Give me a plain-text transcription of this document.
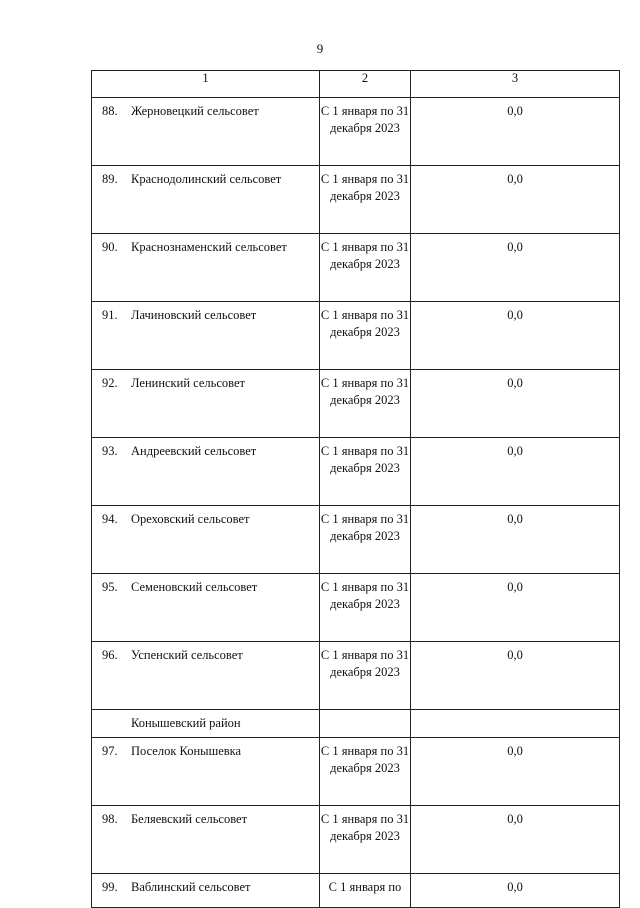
9
1	2	3

88. Жерновецкий сельсовет	С 1 января по 31 декабря 2023	0,0

89. Краснодолинский сельсовет	С 1 января по 31 декабря 2023	0,0

90. Краснознаменский сельсовет	С 1 января по 31 декабря 2023	0,0

91. Лачиновский сельсовет	С 1 января по 31 декабря 2023	0,0

92. Ленинский сельсовет	С 1 января по 31 декабря 2023	0,0

93. Андреевский сельсовет	С 1 января по 31 декабря 2023	0,0

94. Ореховский сельсовет	С 1 января по 31 декабря 2023	0,0

95. Семеновский сельсовет	С 1 января по 31 декабря 2023	0,0

96. Успенский сельсовет	С 1 января по 31 декабря 2023	0,0

Конышевский район		

97. Поселок Конышевка	С 1 января по 31 декабря 2023	0,0

98. Беляевский сельсовет	С 1 января по 31 декабря 2023	0,0

99. Ваблинский сельсовет	С 1 января по	0,0
